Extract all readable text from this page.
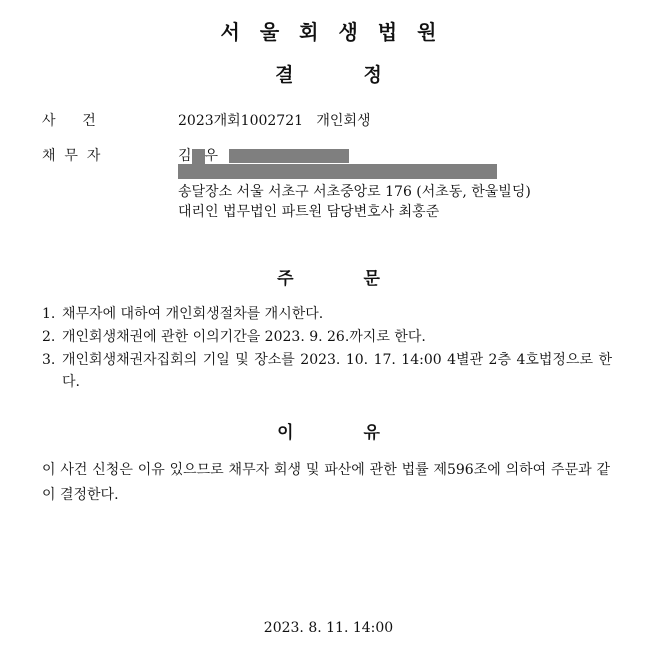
서울회생법원
결정
사      건	2023개회1002721 개인회생
채  무  자	김 우
송달장소 서울 서초구 서초중앙로 176 (서초동, 한울빌딩)
대리인 법무법인 파트원 담당변호사 최홍준
주문
1. 채무자에 대하여 개인회생절차를 개시한다.
2. 개인회생채권에 관한 이의기간을 2023. 9. 26.까지로 한다.
3. 개인회생채권자집회의 기일 및 장소를 2023. 10. 17. 14:00 4별관 2층 4호법정으로 한다.
이유
이 사건 신청은 이유 있으므로 채무자 회생 및 파산에 관한 법률 제596조에 의하여 주문과 같이 결정한다.
2023. 8. 11. 14:00
